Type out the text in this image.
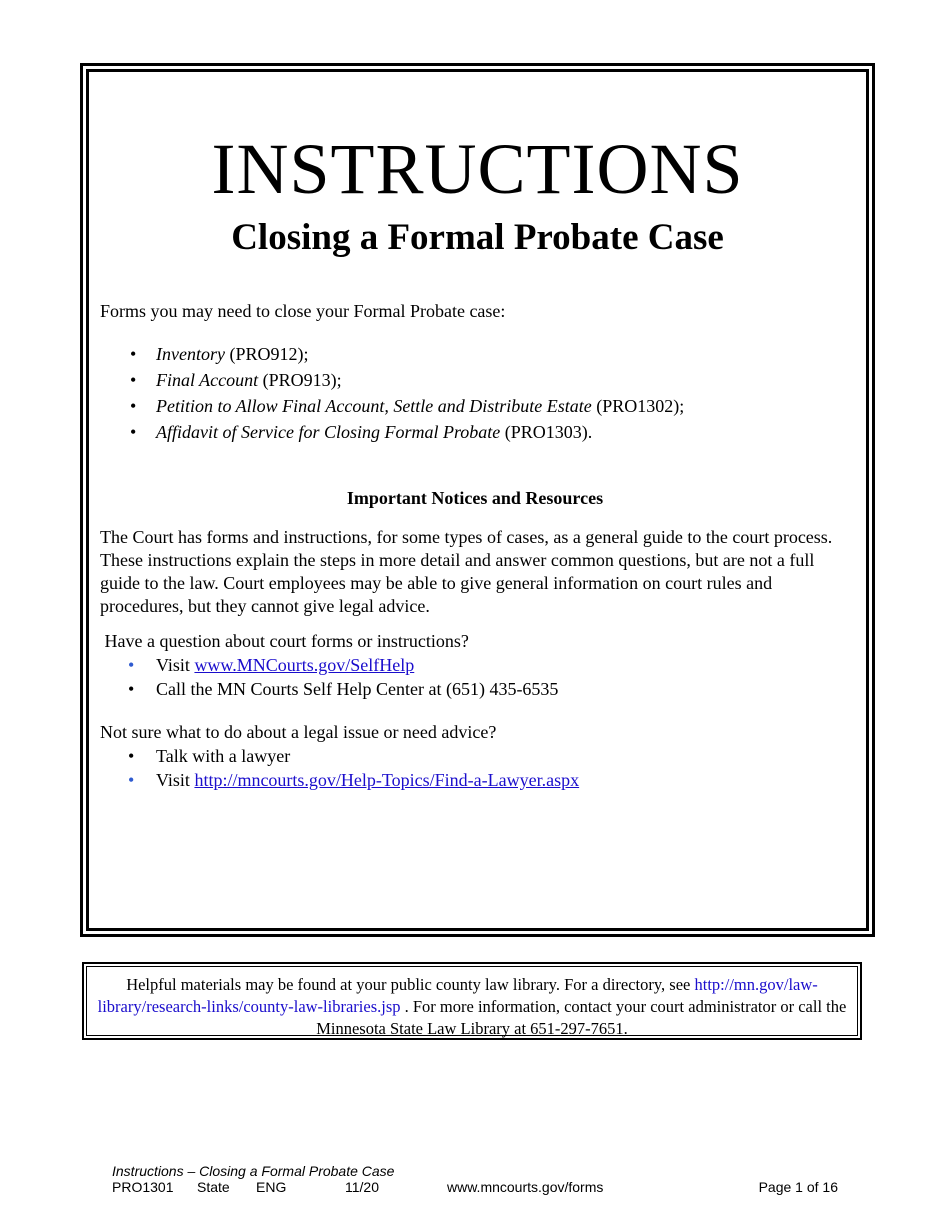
INSTRUCTIONS
Closing a Formal Probate Case

Forms you may need to close your Formal Probate case:

• Inventory (PRO912);
• Final Account (PRO913);
• Petition to Allow Final Account, Settle and Distribute Estate (PRO1302);
• Affidavit of Service for Closing Formal Probate (PRO1303).
Important Notices and Resources

The Court has forms and instructions, for some types of cases, as a general guide to the court process. These instructions explain the steps in more detail and answer common questions, but are not a full guide to the law. Court employees may be able to give general information on court rules and procedures, but they cannot give legal advice.

Have a question about court forms or instructions?

• Visit www.MNCourts.gov/SelfHelp
• Call the MN Courts Self Help Center at (651) 435-6535

Not sure what to do about a legal issue or need advice?

• Talk with a lawyer
• Visit http://mncourts.gov/Help-Topics/Find-a-Lawyer.aspx
Helpful materials may be found at your public county law library. For a directory, see http://mn.gov/law-library/research-links/county-law-libraries.jsp . For more information, contact your court administrator or call the Minnesota State Law Library at 651-297-7651.
Instructions – Closing a Formal Probate Case
PRO1301 State ENG	11/20	www.mncourts.gov/forms	Page 1 of 16
